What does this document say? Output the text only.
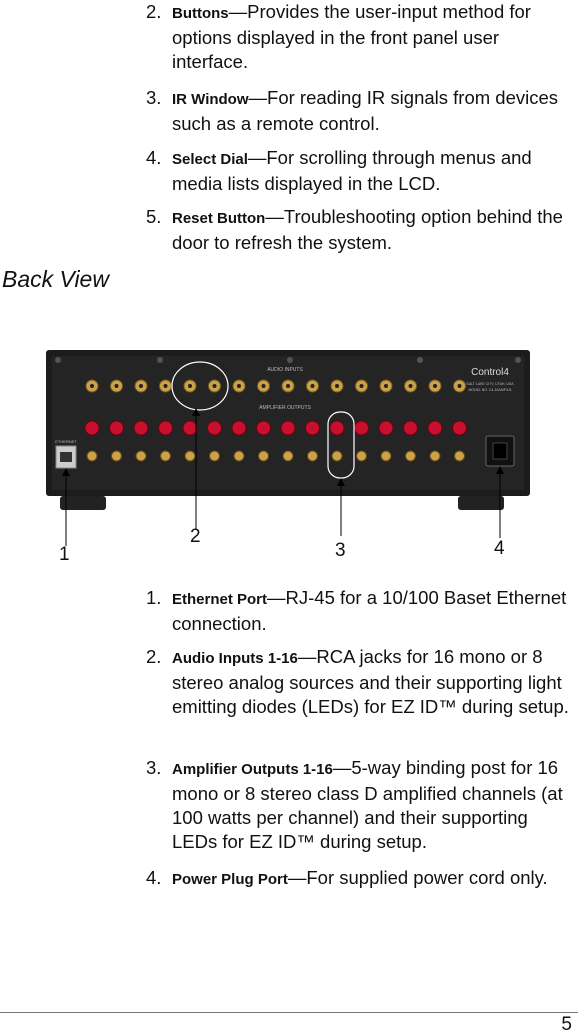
2. Buttons—Provides the user-input method for options displayed in the front panel user interface.
3. IR Window—For reading IR signals from devices such as a remote control.
4. Select Dial—For scrolling through menus and media lists displayed in the LCD.
5. Reset Button—Troubleshooting option behind the door to refresh the system.
Back View
AUDIO INPUTS
AMPLIFIER OUTPUTS
Control4
SALT LAKE CITY, UTAH, USA
MODEL NO. C4-16AMP3-B
ETHERNET
1
2
3	4
1. Ethernet Port—RJ-45 for a 10/100 Baset Ethernet connection.
2. Audio Inputs 1-16—RCA jacks for 16 mono or 8 stereo analog sources and their supporting light emitting diodes (LEDs) for EZ ID™ during setup.
3. Amplifier Outputs 1-16—5-way binding post for 16 mono or 8 stereo class D amplified channels (at 100 watts per channel) and their supporting LEDs for EZ ID™ during setup.
4. Power Plug Port—For supplied power cord only.
5
